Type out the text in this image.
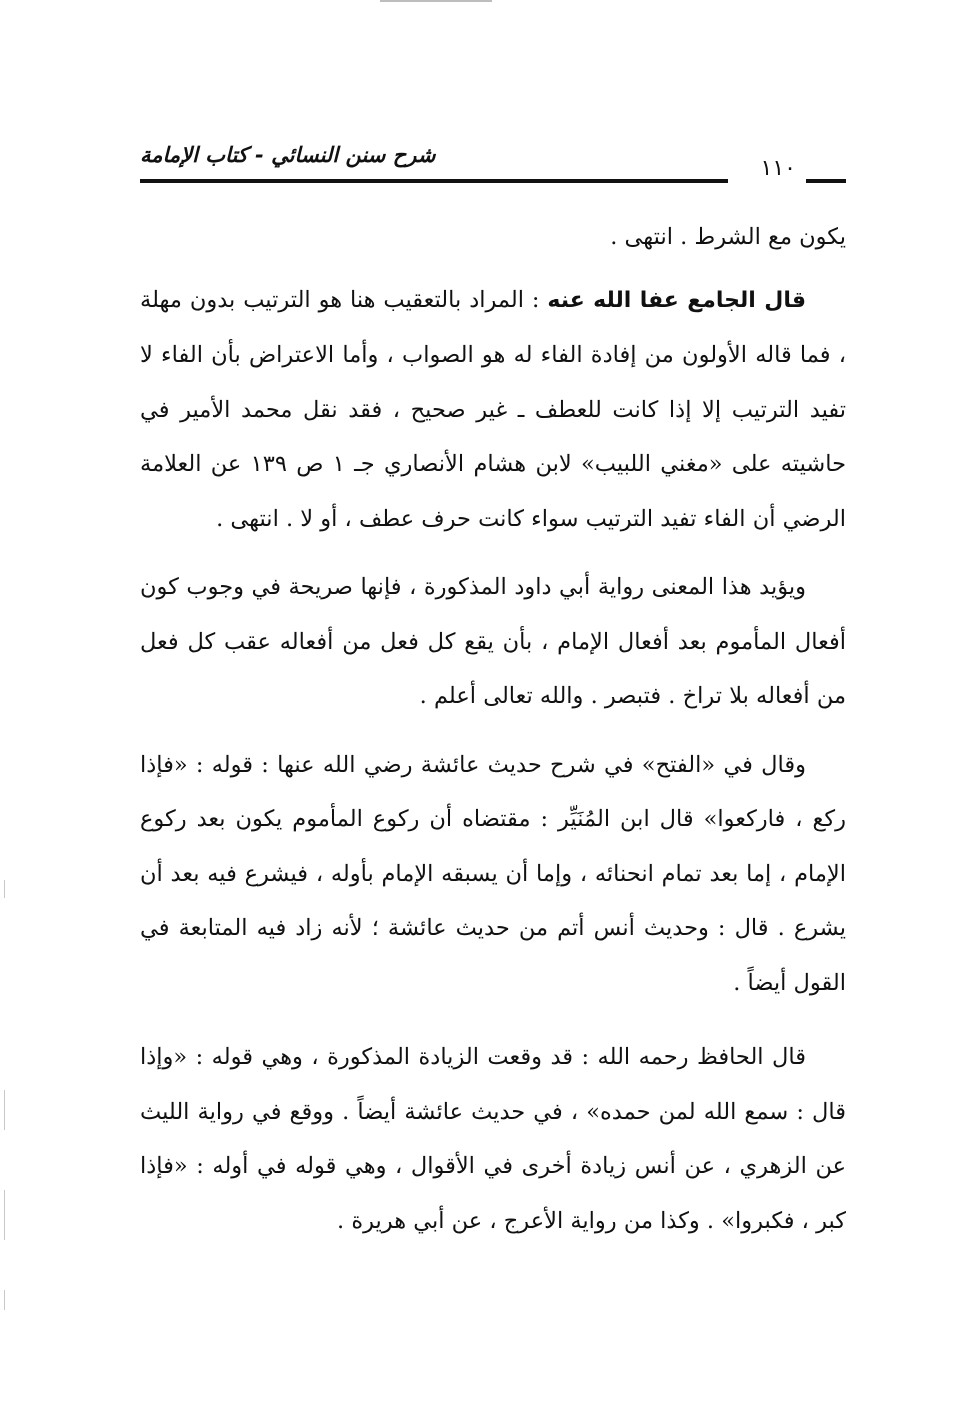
شرح سنن النسائي - كتاب الإمامة
١١٠

يكون مع الشرط . انتهى .

قال الجامع عفا الله عنه : المراد بالتعقيب هنا هو الترتيب بدون مهلة ، فما قاله الأولون من إفادة الفاء له هو الصواب ، وأما الاعتراض بأن الفاء لا تفيد الترتيب إلا إذا كانت للعطف ـ غير صحيح ، فقد نقل محمد الأمير في حاشيته على «مغني اللبيب» لابن هشام الأنصاري جـ ١ ص ١٣٩ عن العلامة الرضي أن الفاء تفيد الترتيب سواء كانت حرف عطف ، أو لا . انتهى .

ويؤيد هذا المعنى رواية أبي داود المذكورة ، فإنها صريحة في وجوب كون أفعال المأموم بعد أفعال الإمام ، بأن يقع كل فعل من أفعاله عقب كل فعل من أفعاله بلا تراخ . فتبصر . والله تعالى أعلم .

وقال في «الفتح» في شرح حديث عائشة رضي الله عنها : قوله : «فإذا ركع ، فاركعوا» قال ابن المُنَيِّر : مقتضاه أن ركوع المأموم يكون بعد ركوع الإمام ، إما بعد تمام انحنائه ، وإما أن يسبقه الإمام بأوله ، فيشرع فيه بعد أن يشرع . قال : وحديث أنس أتم من حديث عائشة ؛ لأنه زاد فيه المتابعة في القول أيضاً .

قال الحافظ رحمه الله : قد وقعت الزيادة المذكورة ، وهي قوله : «وإذا قال : سمع الله لمن حمده» ، في حديث عائشة أيضاً . ووقع في رواية الليث عن الزهري ، عن أنس زيادة أخرى في الأقوال ، وهي قوله في أوله : «فإذا كبر ، فكبروا» . وكذا من رواية الأعرج ، عن أبي هريرة .
